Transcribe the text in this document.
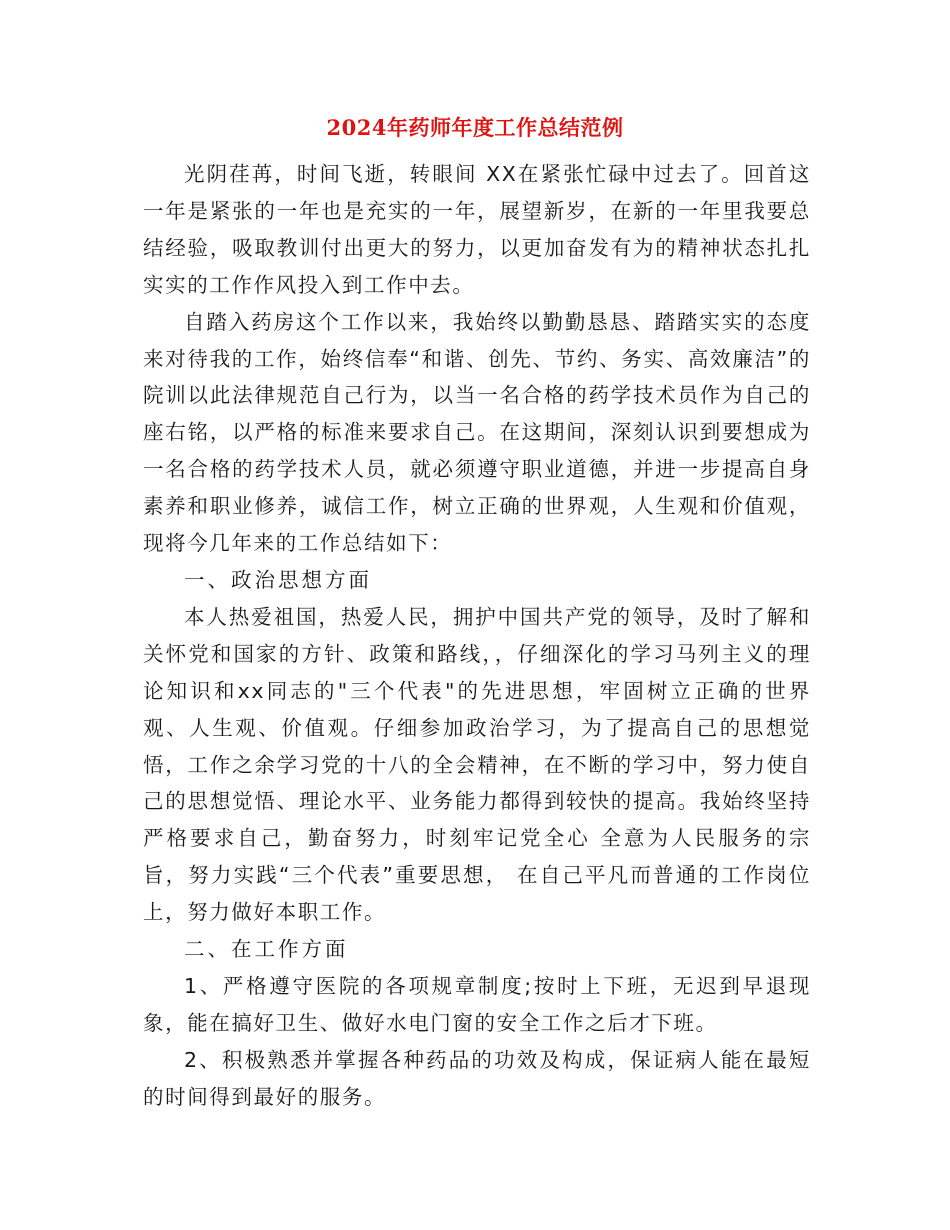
2024年药师年度工作总结范例

光阴荏苒，时间飞逝，转眼间 XX在紧张忙碌中过去了。回首这一年是紧张的一年也是充实的一年，展望新岁，在新的一年里我要总结经验，吸取教训付出更大的努力，以更加奋发有为的精神状态扎扎实实的工作作风投入到工作中去。

自踏入药房这个工作以来，我始终以勤勤恳恳、踏踏实实的态度来对待我的工作，始终信奉“和谐、创先、节约、务实、高效廉洁”的院训以此法律规范自己行为，以当一名合格的药学技术员作为自己的座右铭，以严格的标准来要求自己。在这期间，深刻认识到要想成为一名合格的药学技术人员，就必须遵守职业道德，并进一步提高自身素养和职业修养，诚信工作，树立正确的世界观，人生观和价值观，现将今几年来的工作总结如下：

一、政治思想方面

本人热爱祖国，热爱人民，拥护中国共产党的领导，及时了解和关怀党和国家的方针、政策和路线，，仔细深化的学习马列主义的理论知识和xx同志的"三个代表"的先进思想，牢固树立正确的世界观、人生观、价值观。仔细参加政治学习，为了提高自己的思想觉悟，工作之余学习党的十八的全会精神，在不断的学习中，努力使自己的思想觉悟、理论水平、业务能力都得到较快的提高。我始终坚持严格要求自己，勤奋努力，时刻牢记党全心 全意为人民服务的宗旨，努力实践“三个代表”重要思想， 在自己平凡而普通的工作岗位上，努力做好本职工作。

二、在工作方面

1、严格遵守医院的各项规章制度;按时上下班，无迟到早退现象，能在搞好卫生、做好水电门窗的安全工作之后才下班。

2、积极熟悉并掌握各种药品的功效及构成，保证病人能在最短的时间得到最好的服务。
